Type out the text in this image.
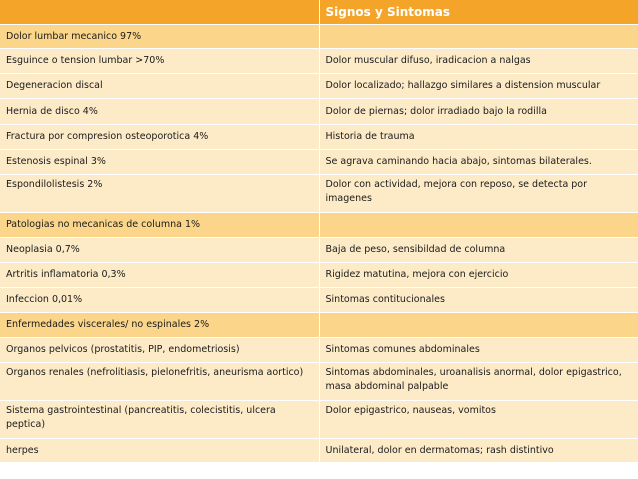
	Signos y Sintomas
Dolor lumbar mecanico 97%	
Esguince o tension lumbar >70%	Dolor muscular difuso, iradicacion a nalgas
Degeneracion discal	Dolor localizado; hallazgo similares a distension muscular
Hernia de disco 4%	Dolor de piernas; dolor irradiado bajo la rodilla
Fractura por compresion osteoporotica 4%	Historia de trauma
Estenosis espinal 3%	Se agrava caminando hacia abajo, sintomas bilaterales.
Espondilolistesis 2%	Dolor con actividad, mejora con reposo, se detecta por imagenes
Patologias no mecanicas de columna 1%	
Neoplasia 0,7%	Baja de peso, sensibildad de columna
Artritis inflamatoria 0,3%	Rigidez matutina, mejora con ejercicio
Infeccion 0,01%	Sintomas contitucionales
Enfermedades viscerales/ no espinales 2%	
Organos pelvicos (prostatitis, PIP, endometriosis)	Sintomas comunes abdominales
Organos renales (nefrolitiasis, pielonefritis, aneurisma aortico)	Sintomas abdominales, uroanalisis anormal, dolor epigastrico, masa abdominal palpable
Sistema gastrointestinal (pancreatitis, colecistitis, ulcera peptica)	Dolor epigastrico, nauseas, vomitos
herpes	Unilateral, dolor en dermatomas; rash distintivo
